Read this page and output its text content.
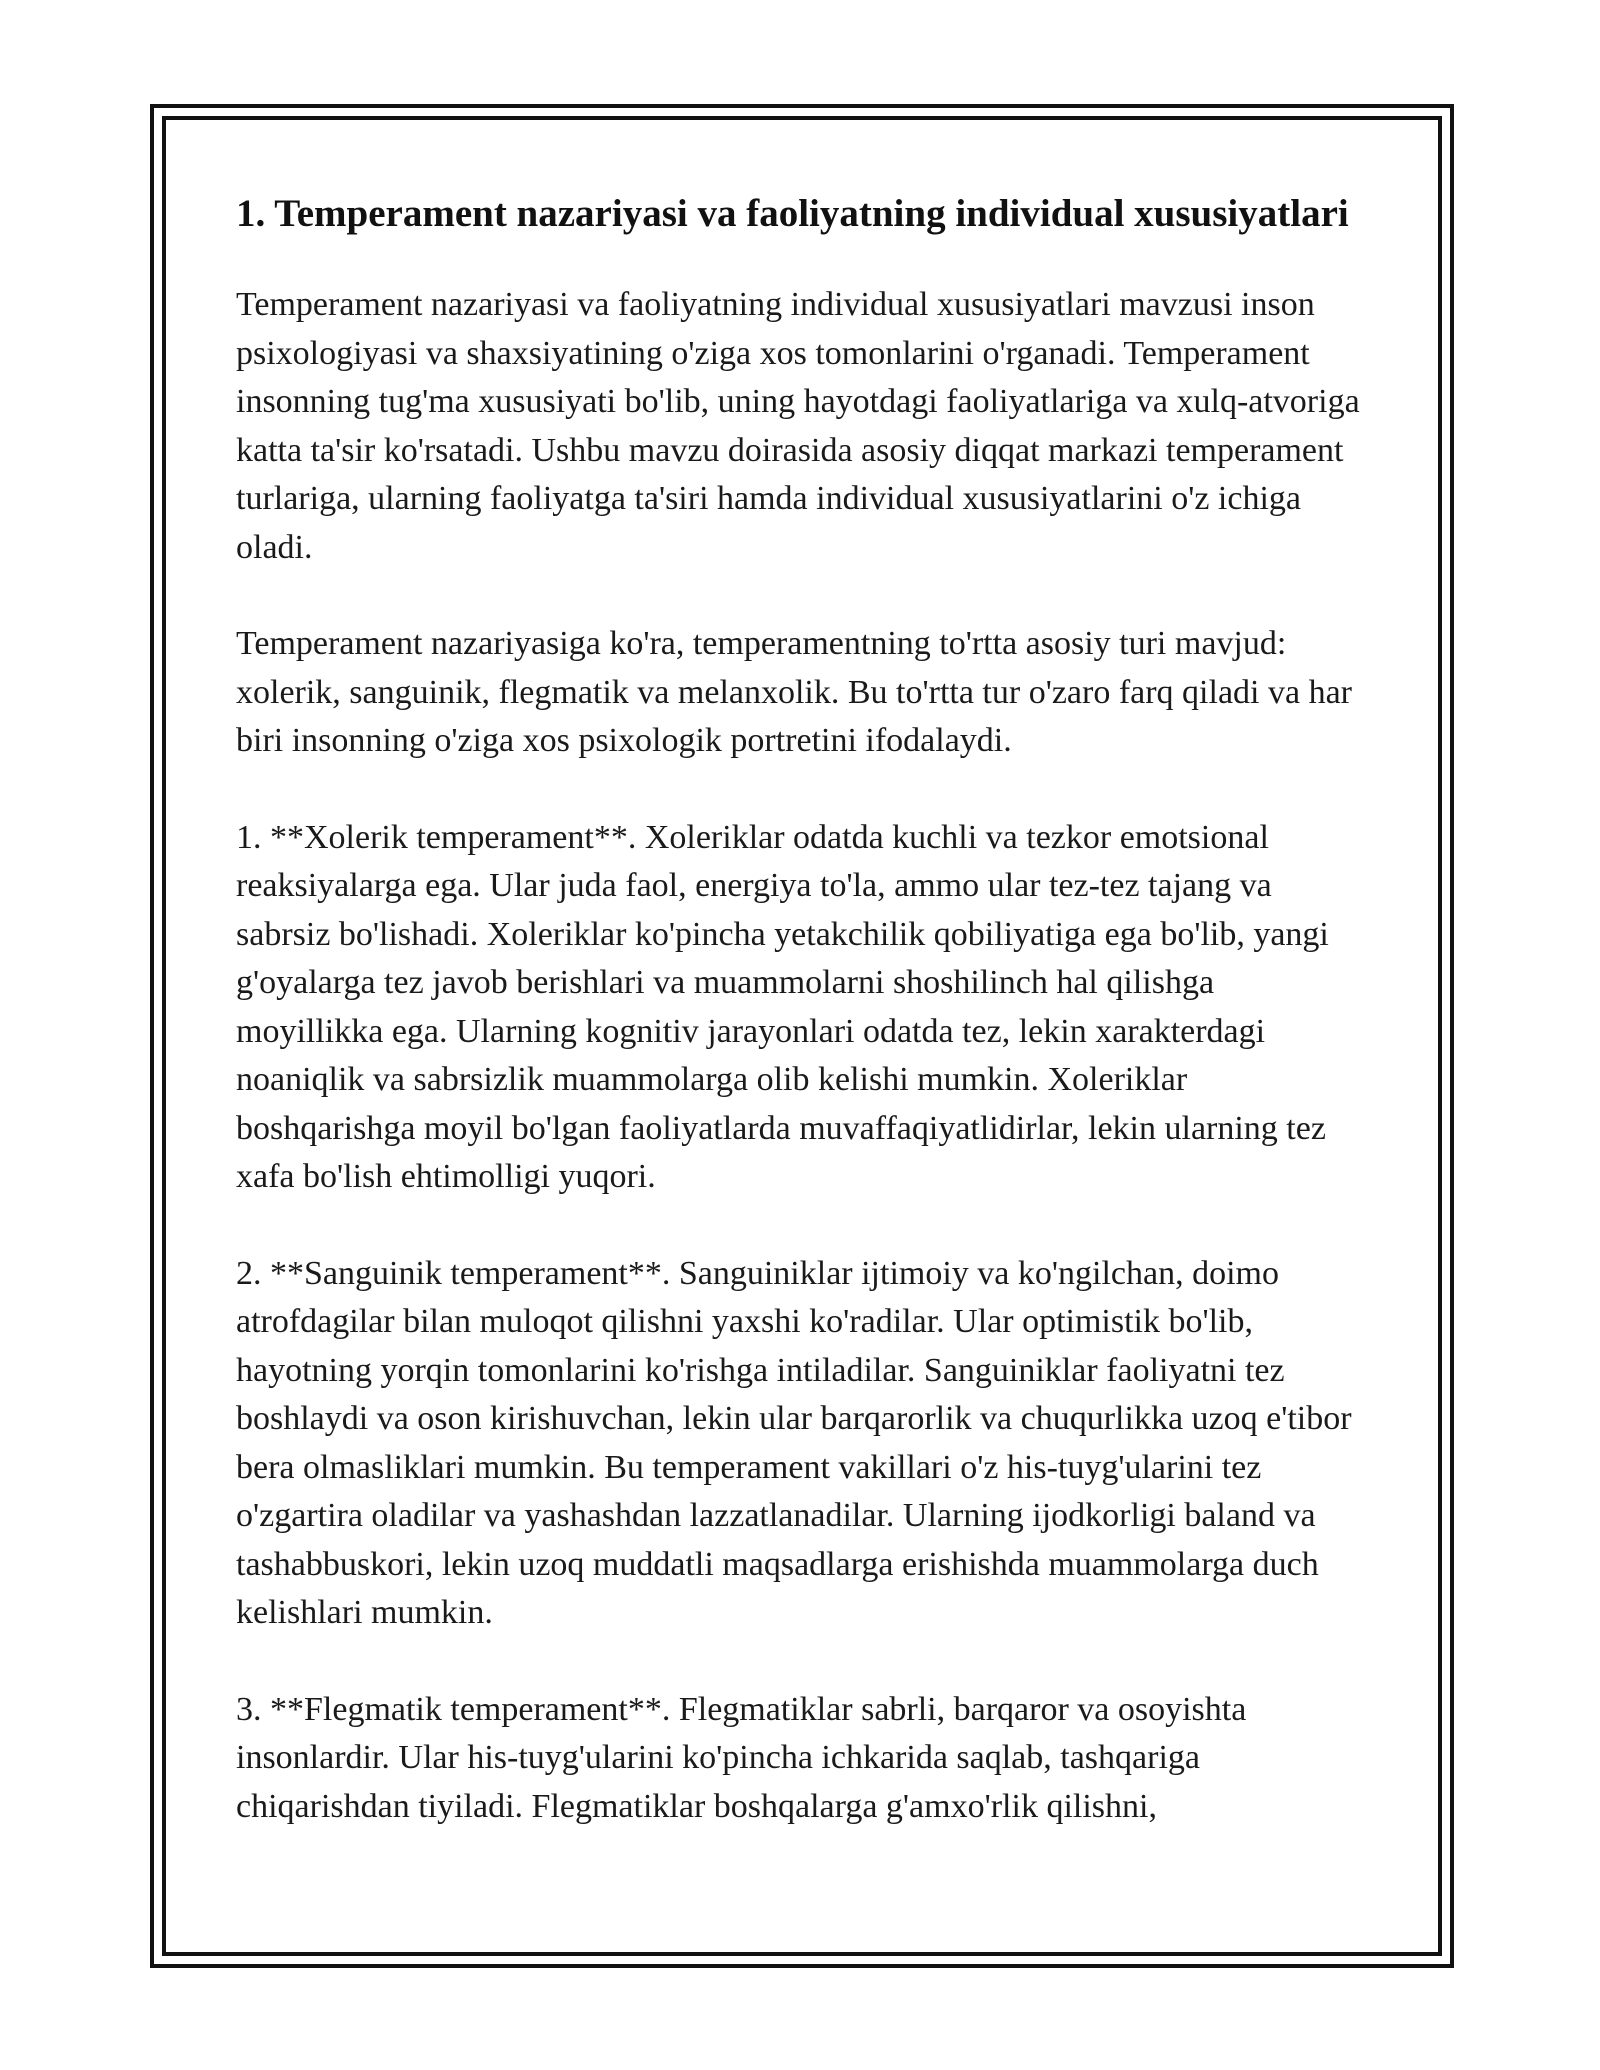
1. Temperament nazariyasi va faoliyatning individual xususiyatlari

Temperament nazariyasi va faoliyatning individual xususiyatlari mavzusi inson psixologiyasi va shaxsiyatining o'ziga xos tomonlarini o'rganadi. Temperament insonning tug'ma xususiyati bo'lib, uning hayotdagi faoliyatlariga va xulq-atvoriga katta ta'sir ko'rsatadi. Ushbu mavzu doirasida asosiy diqqat markazi temperament turlariga, ularning faoliyatga ta'siri hamda individual xususiyatlarini o'z ichiga oladi.

Temperament nazariyasiga ko'ra, temperamentning to'rtta asosiy turi mavjud: xolerik, sanguinik, flegmatik va melanxolik. Bu to'rtta tur o'zaro farq qiladi va har biri insonning o'ziga xos psixologik portretini ifodalaydi.

1. **Xolerik temperament**. Xoleriklar odatda kuchli va tezkor emotsional reaksiyalarga ega. Ular juda faol, energiya to'la, ammo ular tez-tez tajang va sabrsiz bo'lishadi. Xoleriklar ko'pincha yetakchilik qobiliyatiga ega bo'lib, yangi g'oyalarga tez javob berishlari va muammolarni shoshilinch hal qilishga moyillikka ega. Ularning kognitiv jarayonlari odatda tez, lekin xarakterdagi noaniqlik va sabrsizlik muammolarga olib kelishi mumkin. Xoleriklar boshqarishga moyil bo'lgan faoliyatlarda muvaffaqiyatlidirlar, lekin ularning tez xafa bo'lish ehtimolligi yuqori.

2. **Sanguinik temperament**. Sanguiniklar ijtimoiy va ko'ngilchan, doimo atrofdagilar bilan muloqot qilishni yaxshi ko'radilar. Ular optimistik bo'lib, hayotning yorqin tomonlarini ko'rishga intiladilar. Sanguiniklar faoliyatni tez boshlaydi va oson kirishuvchan, lekin ular barqarorlik va chuqurlikka uzoq e'tibor bera olmasliklari mumkin. Bu temperament vakillari o'z his-tuyg'ularini tez o'zgartira oladilar va yashashdan lazzatlanadilar. Ularning ijodkorligi baland va tashabbuskori, lekin uzoq muddatli maqsadlarga erishishda muammolarga duch kelishlari mumkin.

3. **Flegmatik temperament**. Flegmatiklar sabrli, barqaror va osoyishta insonlardir. Ular his-tuyg'ularini ko'pincha ichkarida saqlab, tashqariga chiqarishdan tiyiladi. Flegmatiklar boshqalarga g'amxo'rlik qilishni,
